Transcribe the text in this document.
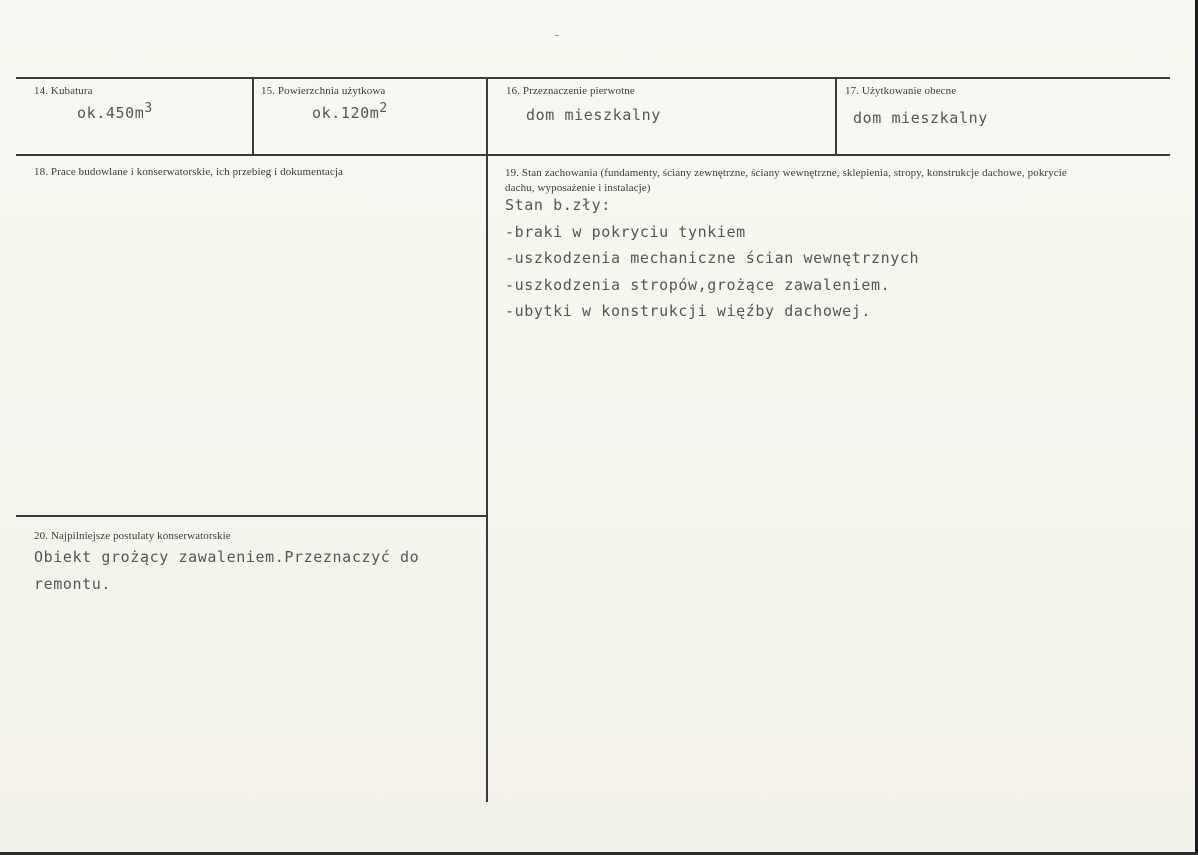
14. Kubatura
$ok.450m^3$
15. Powierzchnia użytkowa
$ok.120m^2$
16. Przeznaczenie pierwotne
dom mieszkalny
17. Użytkowanie obecne
dom mieszkalny
18. Prace budowlane i konserwatorskie, ich przebieg i dokumentacja	19. Stan zachowania (fundamenty, ściany zewnętrzne, ściany wewnętrzne, sklepienia, stropy, konstrukcje dachowe, pokrycie dachu, wyposażenie i instalacje)
Stan b.zły:
-braki w pokryciu tynkiem
-uszkodzenia mechaniczne ścian wewnętrznych
-uszkodzenia stropów,grożące zawaleniem.
-ubytki w konstrukcji więźby dachowej.
20. Najpilniejsze postulaty konserwatorskie
Obiekt grożący zawaleniem.Przeznaczyć do
remontu.
